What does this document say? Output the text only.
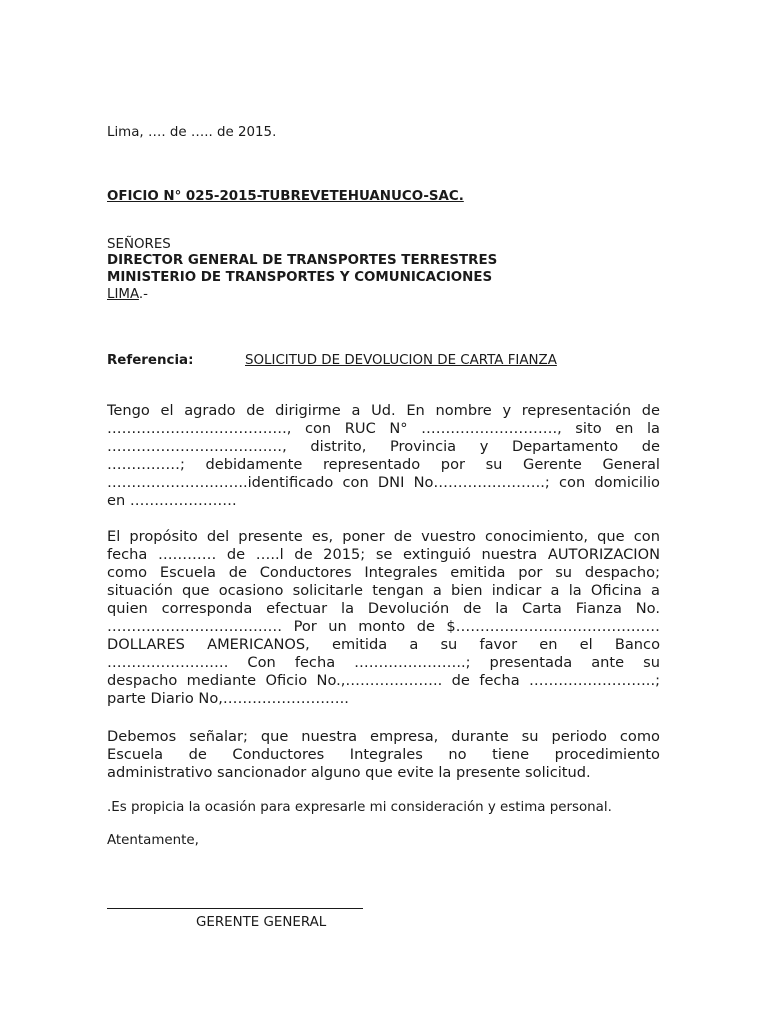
Lima, …. de ….. de 2015.
OFICIO N° 025-2015-TUBREVETEHUANUCO-SAC.
SEÑORES
DIRECTOR GENERAL DE TRANSPORTES TERRESTRES
MINISTERIO DE TRANSPORTES Y COMUNICACIONES
LIMA.-
Referencia:	SOLICITUD DE DEVOLUCION DE CARTA FIANZA
Tengo el agrado de dirigirme a Ud. En nombre y representación de
………………………………., con RUC N° ………………………., sito en la
………………………………, distrito, Provincia y Departamento de
……………; debidamente representado por su Gerente General
………………………..identificado con DNI No…………………..; con domicilio
en ………………….
El propósito del presente es, poner de vuestro conocimiento, que con
fecha ………… de …..l de 2015; se extinguió nuestra AUTORIZACION
como Escuela de Conductores Integrales emitida por su despacho;
situación que ocasiono solicitarle tengan a bien indicar a la Oficina a
quien corresponda efectuar la Devolución de la Carta Fianza No.
……………………………… Por un monto de $……………………………………
DOLLARES AMERICANOS, emitida a su favor en el Banco
……………………. Con fecha …………………..; presentada ante su
despacho mediante Oficio No.,……………….. de fecha ……………………..;
parte Diario No,……………………..
Debemos señalar; que nuestra empresa, durante su periodo como
Escuela de Conductores Integrales no tiene procedimiento
administrativo sancionador alguno que evite la presente solicitud.
.Es propicia la ocasión para expresarle mi consideración y estima personal.
Atentamente,
GERENTE GENERAL
